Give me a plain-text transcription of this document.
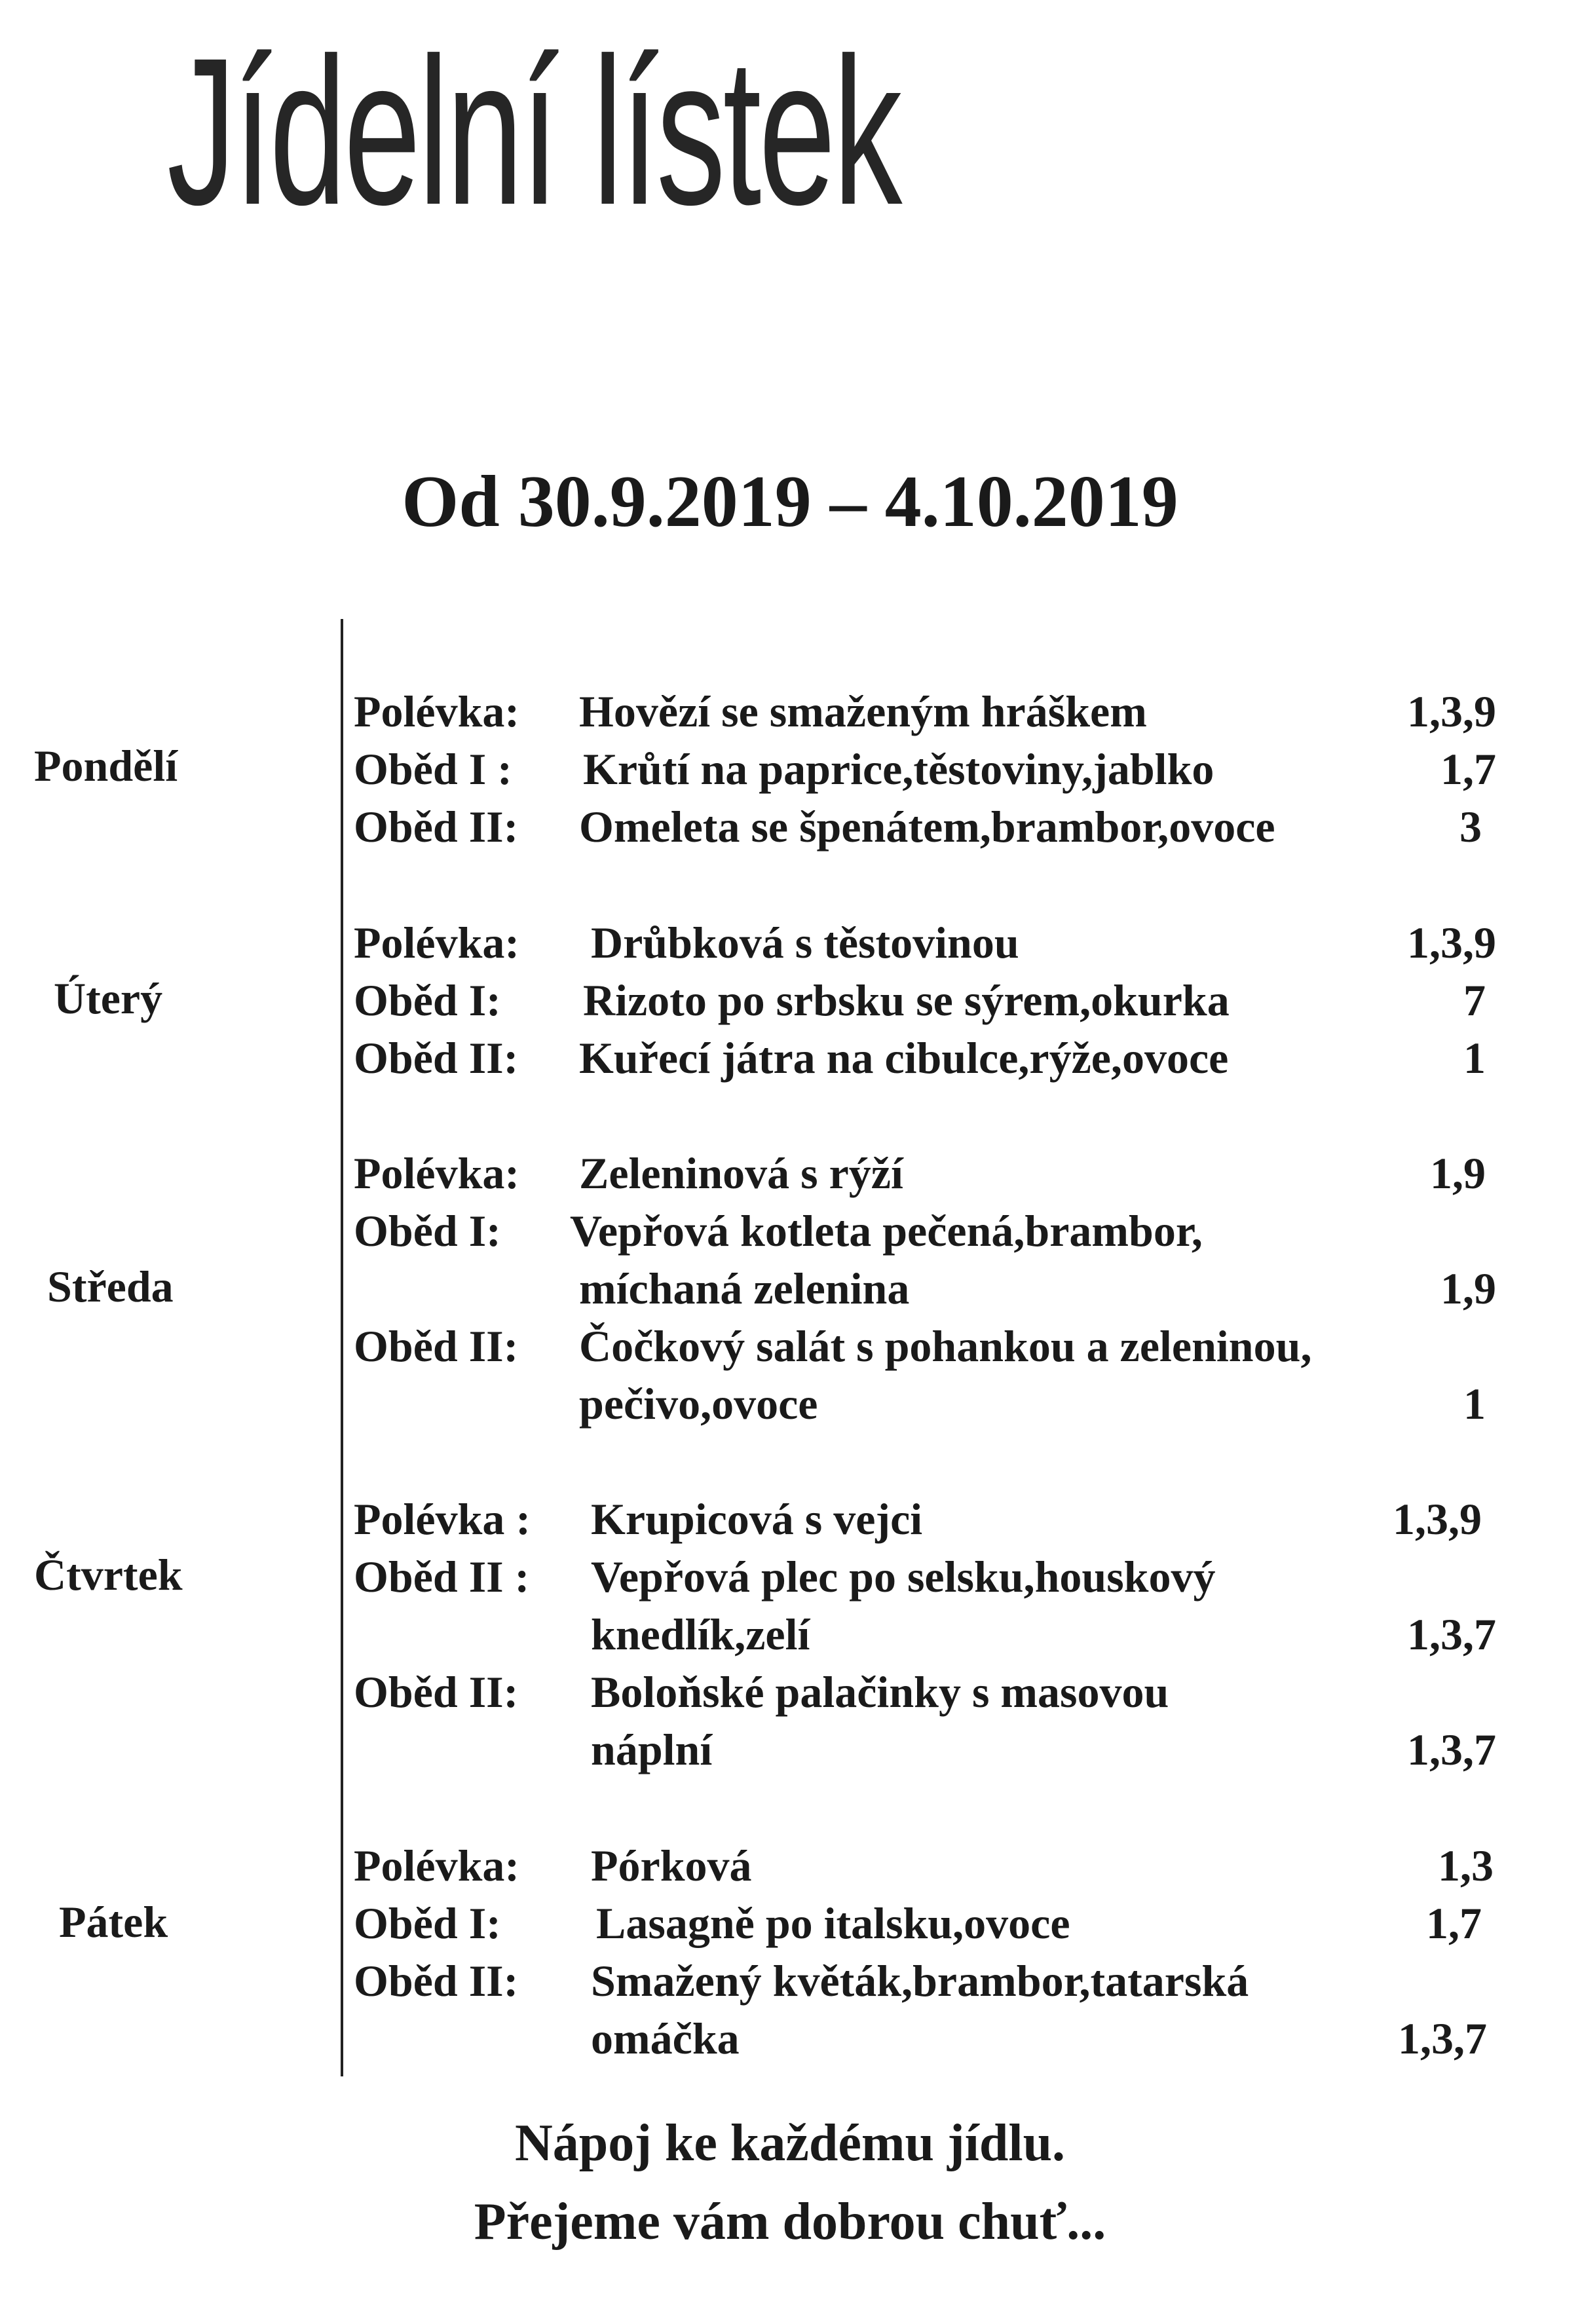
Jídelní lístek
Od 30.9.2019 – 4.10.2019
Pondělí
Polévka: Hovězí se smaženým hráškem	1,3,9
Oběd I : Krůtí na paprice,těstoviny,jablko	1,7
Oběd II: Omeleta se špenátem,brambor,ovoce	3
Úterý
Polévka: Drůbková s těstovinou	1,3,9
Oběd I: Rizoto po srbsku se sýrem,okurka	7
Oběd II: Kuřecí játra na cibulce,rýže,ovoce	1
Středa
Polévka: Zeleninová s rýží	1,9
Oběd I: Vepřová kotleta pečená,brambor,
míchaná zelenina	1,9
Oběd II: Čočkový salát s pohankou a zeleninou,
pečivo,ovoce	1
Čtvrtek
Polévka : Krupicová s vejci	1,3,9
Oběd II : Vepřová plec po selsku,houskový
knedlík,zelí	1,3,7
Oběd II: Boloňské palačinky s masovou
náplní	1,3,7
Pátek
Polévka: Pórková	1,3
Oběd I: Lasagně po italsku,ovoce	1,7
Oběd II: Smažený květák,brambor,tatarská
omáčka	1,3,7
Nápoj ke každému jídlu.
Přejeme vám dobrou chuť...
